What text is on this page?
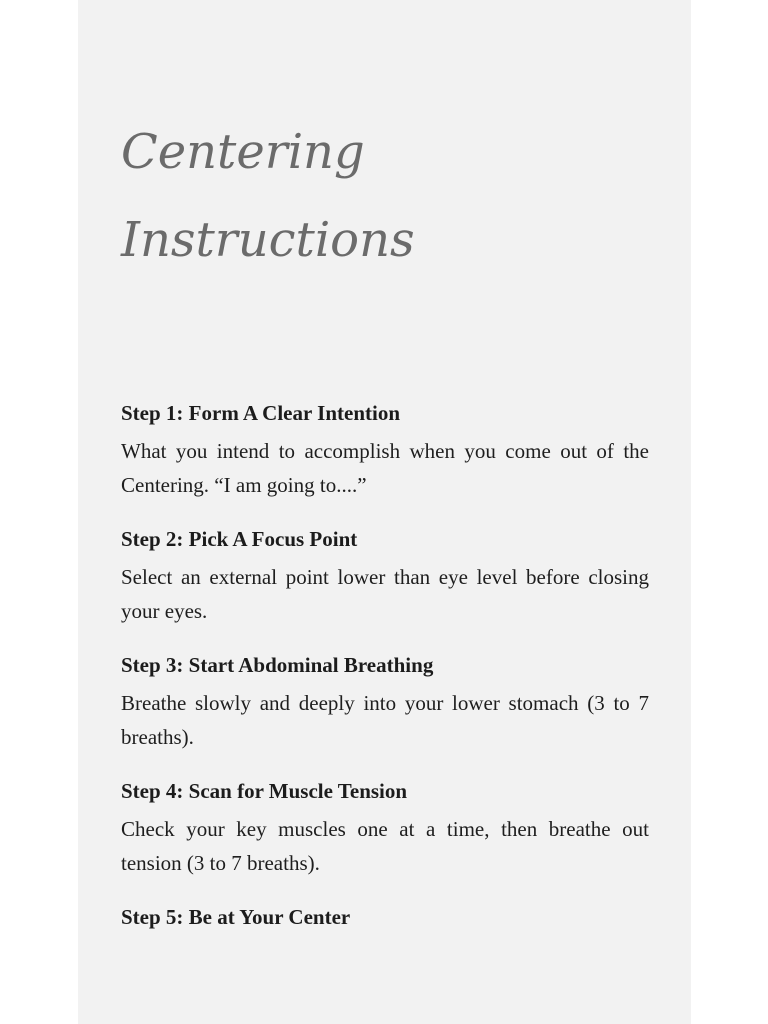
Centering Instructions
Step 1: Form A Clear Intention

What you intend to accomplish when you come out of the Centering. “I am going to....”

Step 2: Pick A Focus Point

Select an external point lower than eye level before closing your eyes.

Step 3: Start Abdominal Breathing

Breathe slowly and deeply into your lower stomach (3 to 7 breaths).

Step 4: Scan for Muscle Tension

Check your key muscles one at a time, then breathe out tension (3 to 7 breaths).

Step 5: Be at Your Center
